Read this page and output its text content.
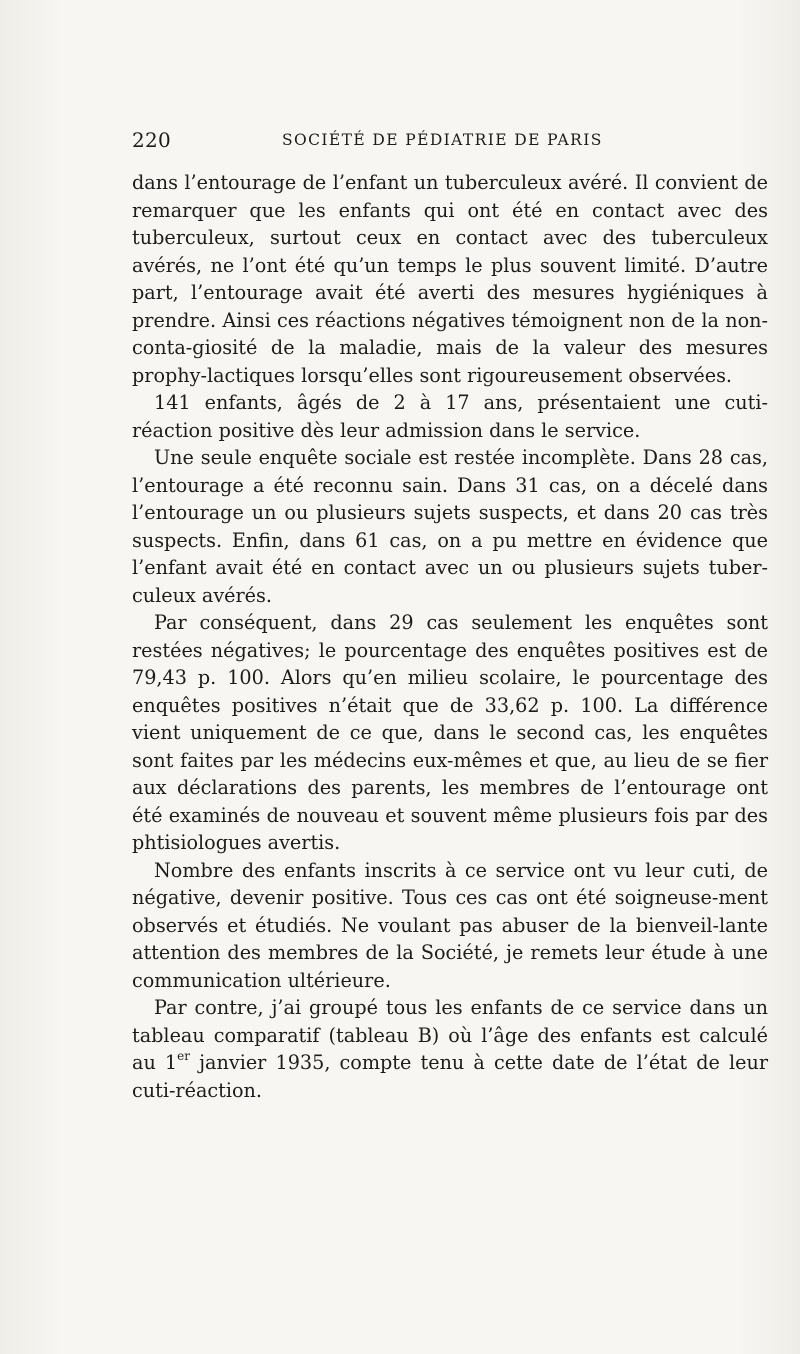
220	SOCIÉTÉ DE PÉDIATRIE DE PARIS

dans l’entourage de l’enfant un tuberculeux avéré. Il convient de remarquer que les enfants qui ont été en contact avec des tuberculeux, surtout ceux en contact avec des tuberculeux avérés, ne l’ont été qu’un temps le plus souvent limité. D’autre part, l’entourage avait été averti des mesures hygiéniques à prendre. Ainsi ces réactions négatives témoignent non de la non-conta-giosité de la maladie, mais de la valeur des mesures prophy-lactiques lorsqu’elles sont rigoureusement observées.

141 enfants, âgés de 2 à 17 ans, présentaient une cuti-réaction positive dès leur admission dans le service.

Une seule enquête sociale est restée incomplète. Dans 28 cas, l’entourage a été reconnu sain. Dans 31 cas, on a décelé dans l’entourage un ou plusieurs sujets suspects, et dans 20 cas très suspects. Enfin, dans 61 cas, on a pu mettre en évidence que l’enfant avait été en contact avec un ou plusieurs sujets tuber-culeux avérés.

Par conséquent, dans 29 cas seulement les enquêtes sont restées négatives; le pourcentage des enquêtes positives est de 79,43 p. 100. Alors qu’en milieu scolaire, le pourcentage des enquêtes positives n’était que de 33,62 p. 100. La différence vient uniquement de ce que, dans le second cas, les enquêtes sont faites par les médecins eux-mêmes et que, au lieu de se fier aux déclarations des parents, les membres de l’entourage ont été examinés de nouveau et souvent même plusieurs fois par des phtisiologues avertis.

Nombre des enfants inscrits à ce service ont vu leur cuti, de négative, devenir positive. Tous ces cas ont été soigneuse-ment observés et étudiés. Ne voulant pas abuser de la bienveil-lante attention des membres de la Société, je remets leur étude à une communication ultérieure.

Par contre, j’ai groupé tous les enfants de ce service dans un tableau comparatif (tableau B) où l’âge des enfants est calculé au 1er janvier 1935, compte tenu à cette date de l’état de leur cuti-réaction.
